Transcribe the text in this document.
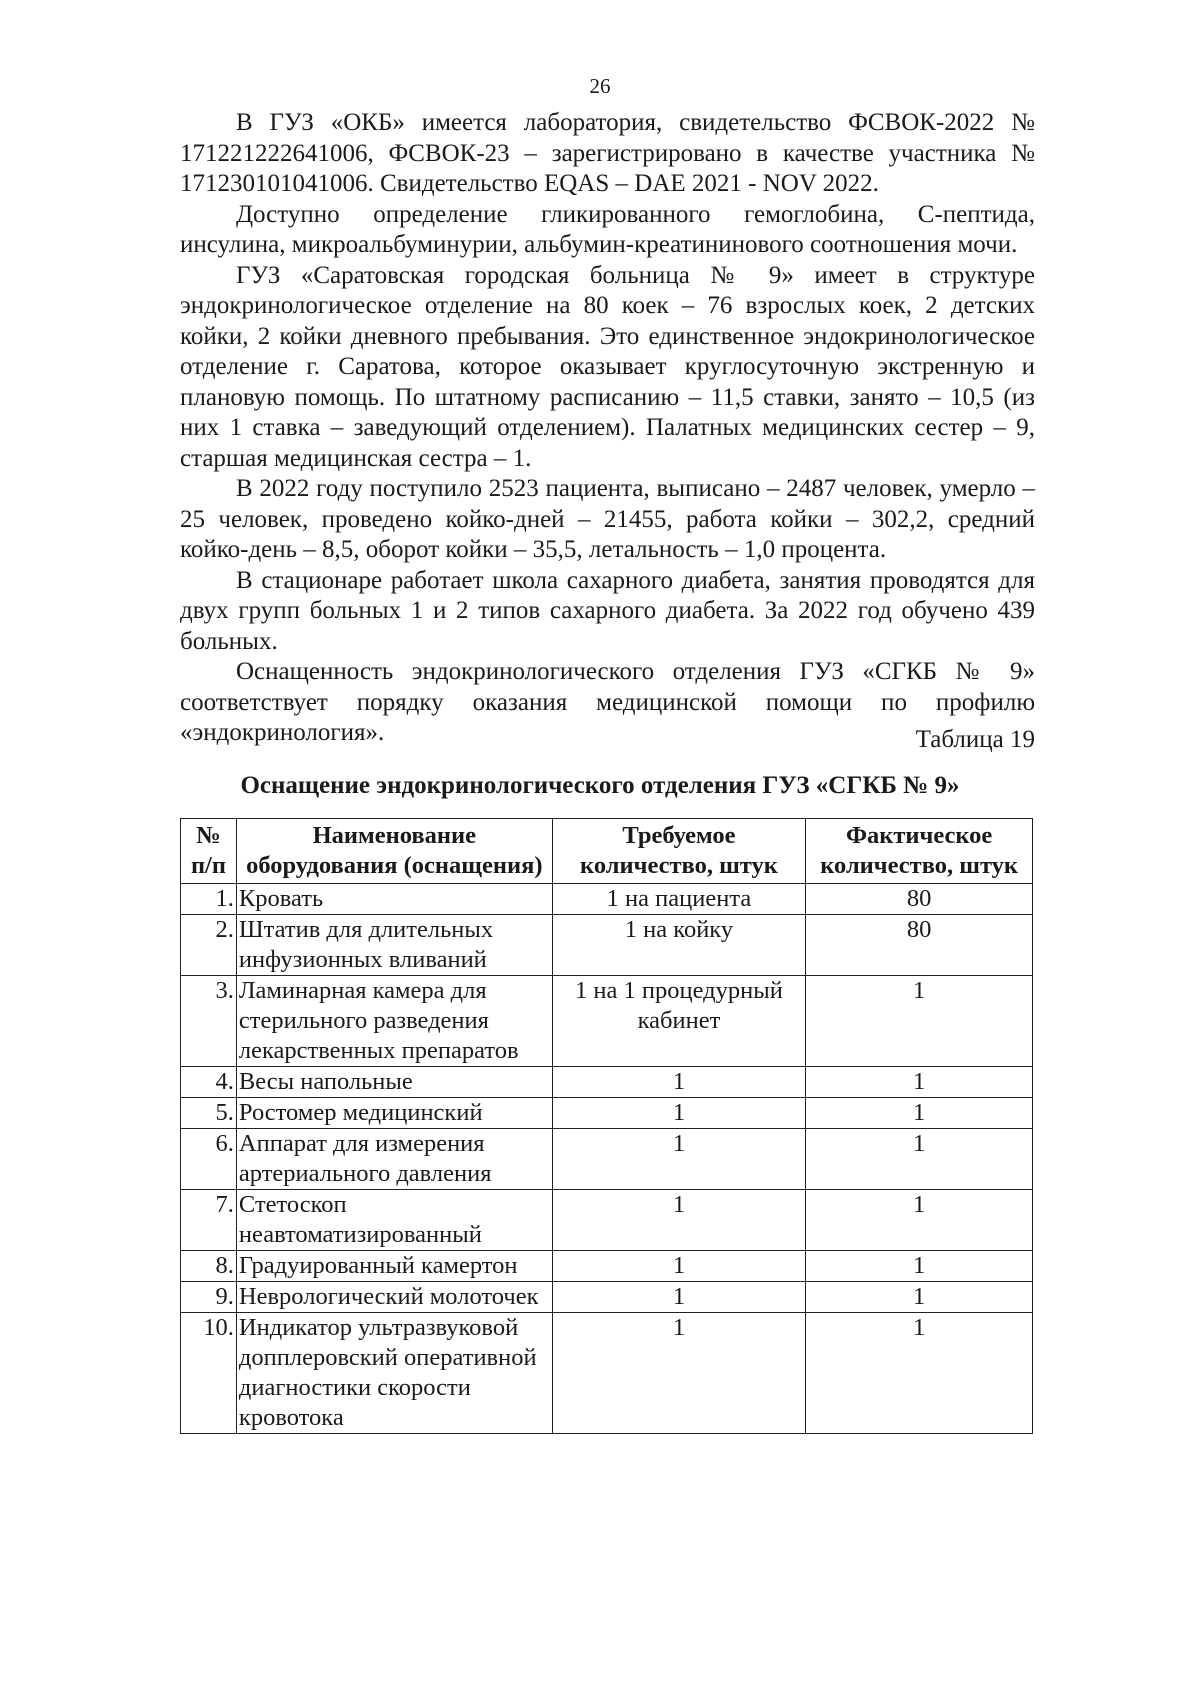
26

В ГУЗ «ОКБ» имеется лаборатория, свидетельство ФСВОК-2022 № 171221222641006, ФСВОК-23 – зарегистрировано в качестве участника № 171230101041006. Свидетельство EQAS – DAE 2021 - NOV 2022.

Доступно определение гликированного гемоглобина, С-пептида, инсулина, микроальбуминурии, альбумин-креатининового соотношения мочи.

ГУЗ «Саратовская городская больница № 9» имеет в структуре эндокринологическое отделение на 80 коек – 76 взрослых коек, 2 детских койки, 2 койки дневного пребывания. Это единственное эндокринологическое отделение г. Саратова, которое оказывает круглосуточную экстренную и плановую помощь. По штатному расписанию – 11,5 ставки, занято – 10,5 (из них 1 ставка – заведующий отделением). Палатных медицинских сестер – 9, старшая медицинская сестра – 1.

В 2022 году поступило 2523 пациента, выписано – 2487 человек, умерло – 25 человек, проведено койко-дней – 21455, работа койки – 302,2, средний койко-день – 8,5, оборот койки – 35,5, летальность – 1,0 процента.

В стационаре работает школа сахарного диабета, занятия проводятся для двух групп больных 1 и 2 типов сахарного диабета. За 2022 год обучено 439 больных.

Оснащенность эндокринологического отделения ГУЗ «СГКБ № 9» соответствует порядку оказания медицинской помощи по профилю «эндокринология».	Таблица 19
Оснащение эндокринологического отделения ГУЗ «СГКБ № 9»
№ п/п	Наименование оборудования (оснащения)	Требуемое количество, штук	Фактическое количество, штук
1.	Кровать	1 на пациента	80
2.	Штатив для длительных инфузионных вливаний	1 на койку	80
3.	Ламинарная камера для стерильного разведения лекарственных препаратов	1 на 1 процедурный кабинет	1
4.	Весы напольные	1	1
5.	Ростомер медицинский	1	1
6.	Аппарат для измерения артериального давления	1	1
7.	Стетоскоп неавтоматизированный	1	1
8.	Градуированный камертон	1	1
9.	Неврологический молоточек	1	1
10.	Индикатор ультразвуковой допплеровский оперативной диагностики скорости кровотока	1	1
